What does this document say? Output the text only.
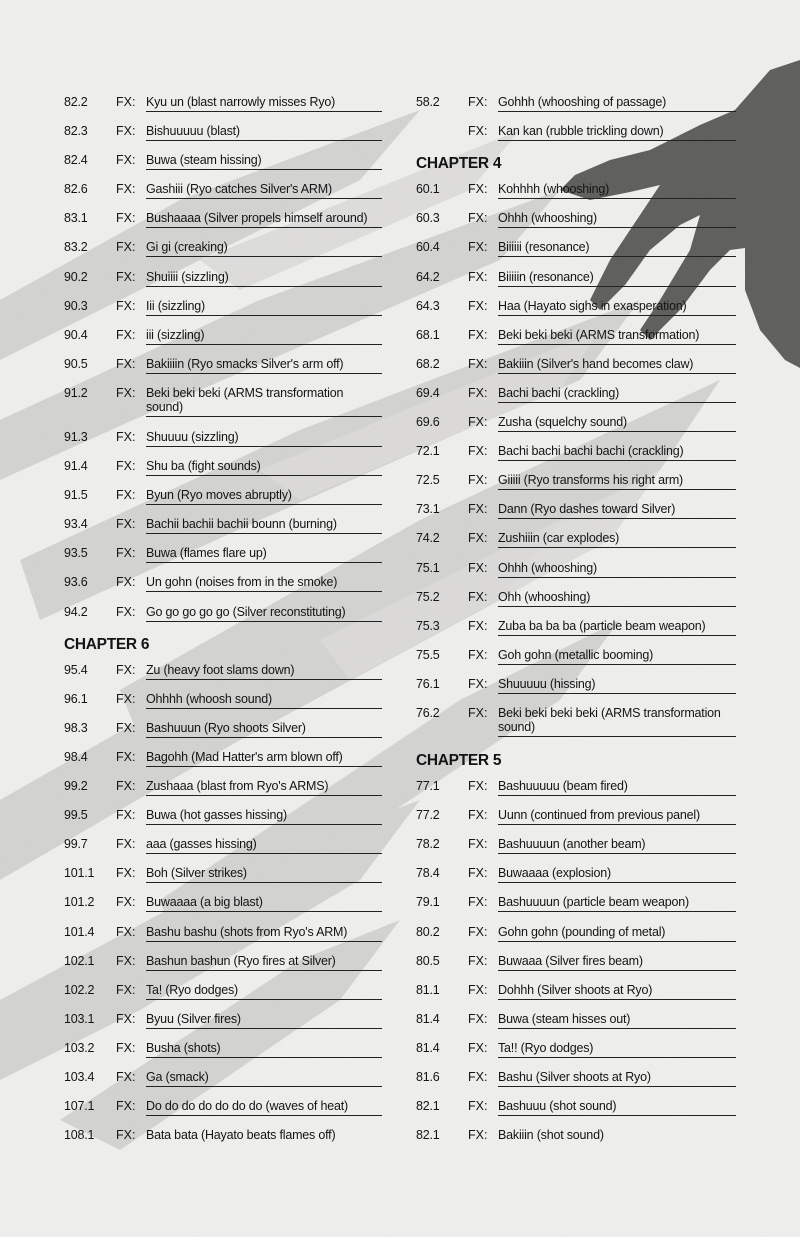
82.2	FX: Kyu un (blast narrowly misses Ryo)
82.3	FX: Bishuuuuu (blast)
82.4	FX: Buwa (steam hissing)
82.6	FX: Gashiii (Ryo catches Silver's ARM)
83.1	FX: Bushaaaa (Silver propels himself around)
83.2	FX: Gi gi (creaking)
90.2	FX: Shuiiii (sizzling)
90.3	FX: Iii (sizzling)
90.4	FX: iii (sizzling)
90.5	FX: Bakiiiin (Ryo smacks Silver's arm off)
91.2	FX: Beki beki beki (ARMS transformation sound)
91.3	FX: Shuuuu (sizzling)
91.4	FX: Shu ba (fight sounds)
91.5	FX: Byun (Ryo moves abruptly)
93.4	FX: Bachii bachii bachii bounn (burning)
93.5	FX: Buwa (flames flare up)
93.6	FX: Un gohn (noises from in the smoke)
94.2	FX: Go go go go go (Silver reconstituting)
CHAPTER 6
95.4	FX: Zu (heavy foot slams down)
96.1	FX: Ohhhh (whoosh sound)
98.3	FX: Bashuuun (Ryo shoots Silver)
98.4	FX: Bagohh (Mad Hatter's arm blown off)
99.2	FX: Zushaaa (blast from Ryo's ARMS)
99.5	FX: Buwa (hot gasses hissing)
99.7	FX: aaa (gasses hissing)
101.1	FX: Boh (Silver strikes)
101.2	FX: Buwaaaa (a big blast)
101.4	FX: Bashu bashu (shots from Ryo's ARM)
102.1	FX: Bashun bashun (Ryo fires at Silver)
102.2	FX: Ta! (Ryo dodges)
103.1	FX: Byuu (Silver fires)
103.2	FX: Busha (shots)
103.4	FX: Ga (smack)
107.1	FX: Do do do do do do do (waves of heat)
108.1	FX: Bata bata (Hayato beats flames off)
58.2	FX: Gohhh (whooshing of passage)
FX: Kan kan (rubble trickling down)
CHAPTER 4
60.1	FX: Kohhhh (whooshing)
60.3	FX: Ohhh (whooshing)
60.4	FX: Biiiiii (resonance)
64.2	FX: Biiiiin (resonance)
64.3	FX: Haa (Hayato sighs in exasperation)
68.1	FX: Beki beki beki (ARMS transformation)
68.2	FX: Bakiiin (Silver's hand becomes claw)
69.4	FX: Bachi bachi (crackling)
69.6	FX: Zusha (squelchy sound)
72.1	FX: Bachi bachi bachi bachi (crackling)
72.5	FX: Giiiii (Ryo transforms his right arm)
73.1	FX: Dann (Ryo dashes toward Silver)
74.2	FX: Zushiiin (car explodes)
75.1	FX: Ohhh (whooshing)
75.2	FX: Ohh (whooshing)
75.3	FX: Zuba ba ba ba (particle beam weapon)
75.5	FX: Goh gohn (metallic booming)
76.1	FX: Shuuuuu (hissing)
76.2	FX: Beki beki beki beki (ARMS transformation sound)
CHAPTER 5
77.1	FX: Bashuuuuu (beam fired)
77.2	FX: Uunn (continued from previous panel)
78.2	FX: Bashuuuun (another beam)
78.4	FX: Buwaaaa (explosion)
79.1	FX: Bashuuuun (particle beam weapon)
80.2	FX: Gohn gohn (pounding of metal)
80.5	FX: Buwaaa (Silver fires beam)
81.1	FX: Dohhh (Silver shoots at Ryo)
81.4	FX: Buwa (steam hisses out)
81.4	FX: Ta!! (Ryo dodges)
81.6	FX: Bashu (Silver shoots at Ryo)
82.1	FX: Bashuuu (shot sound)
82.1	FX: Bakiiin (shot sound)
